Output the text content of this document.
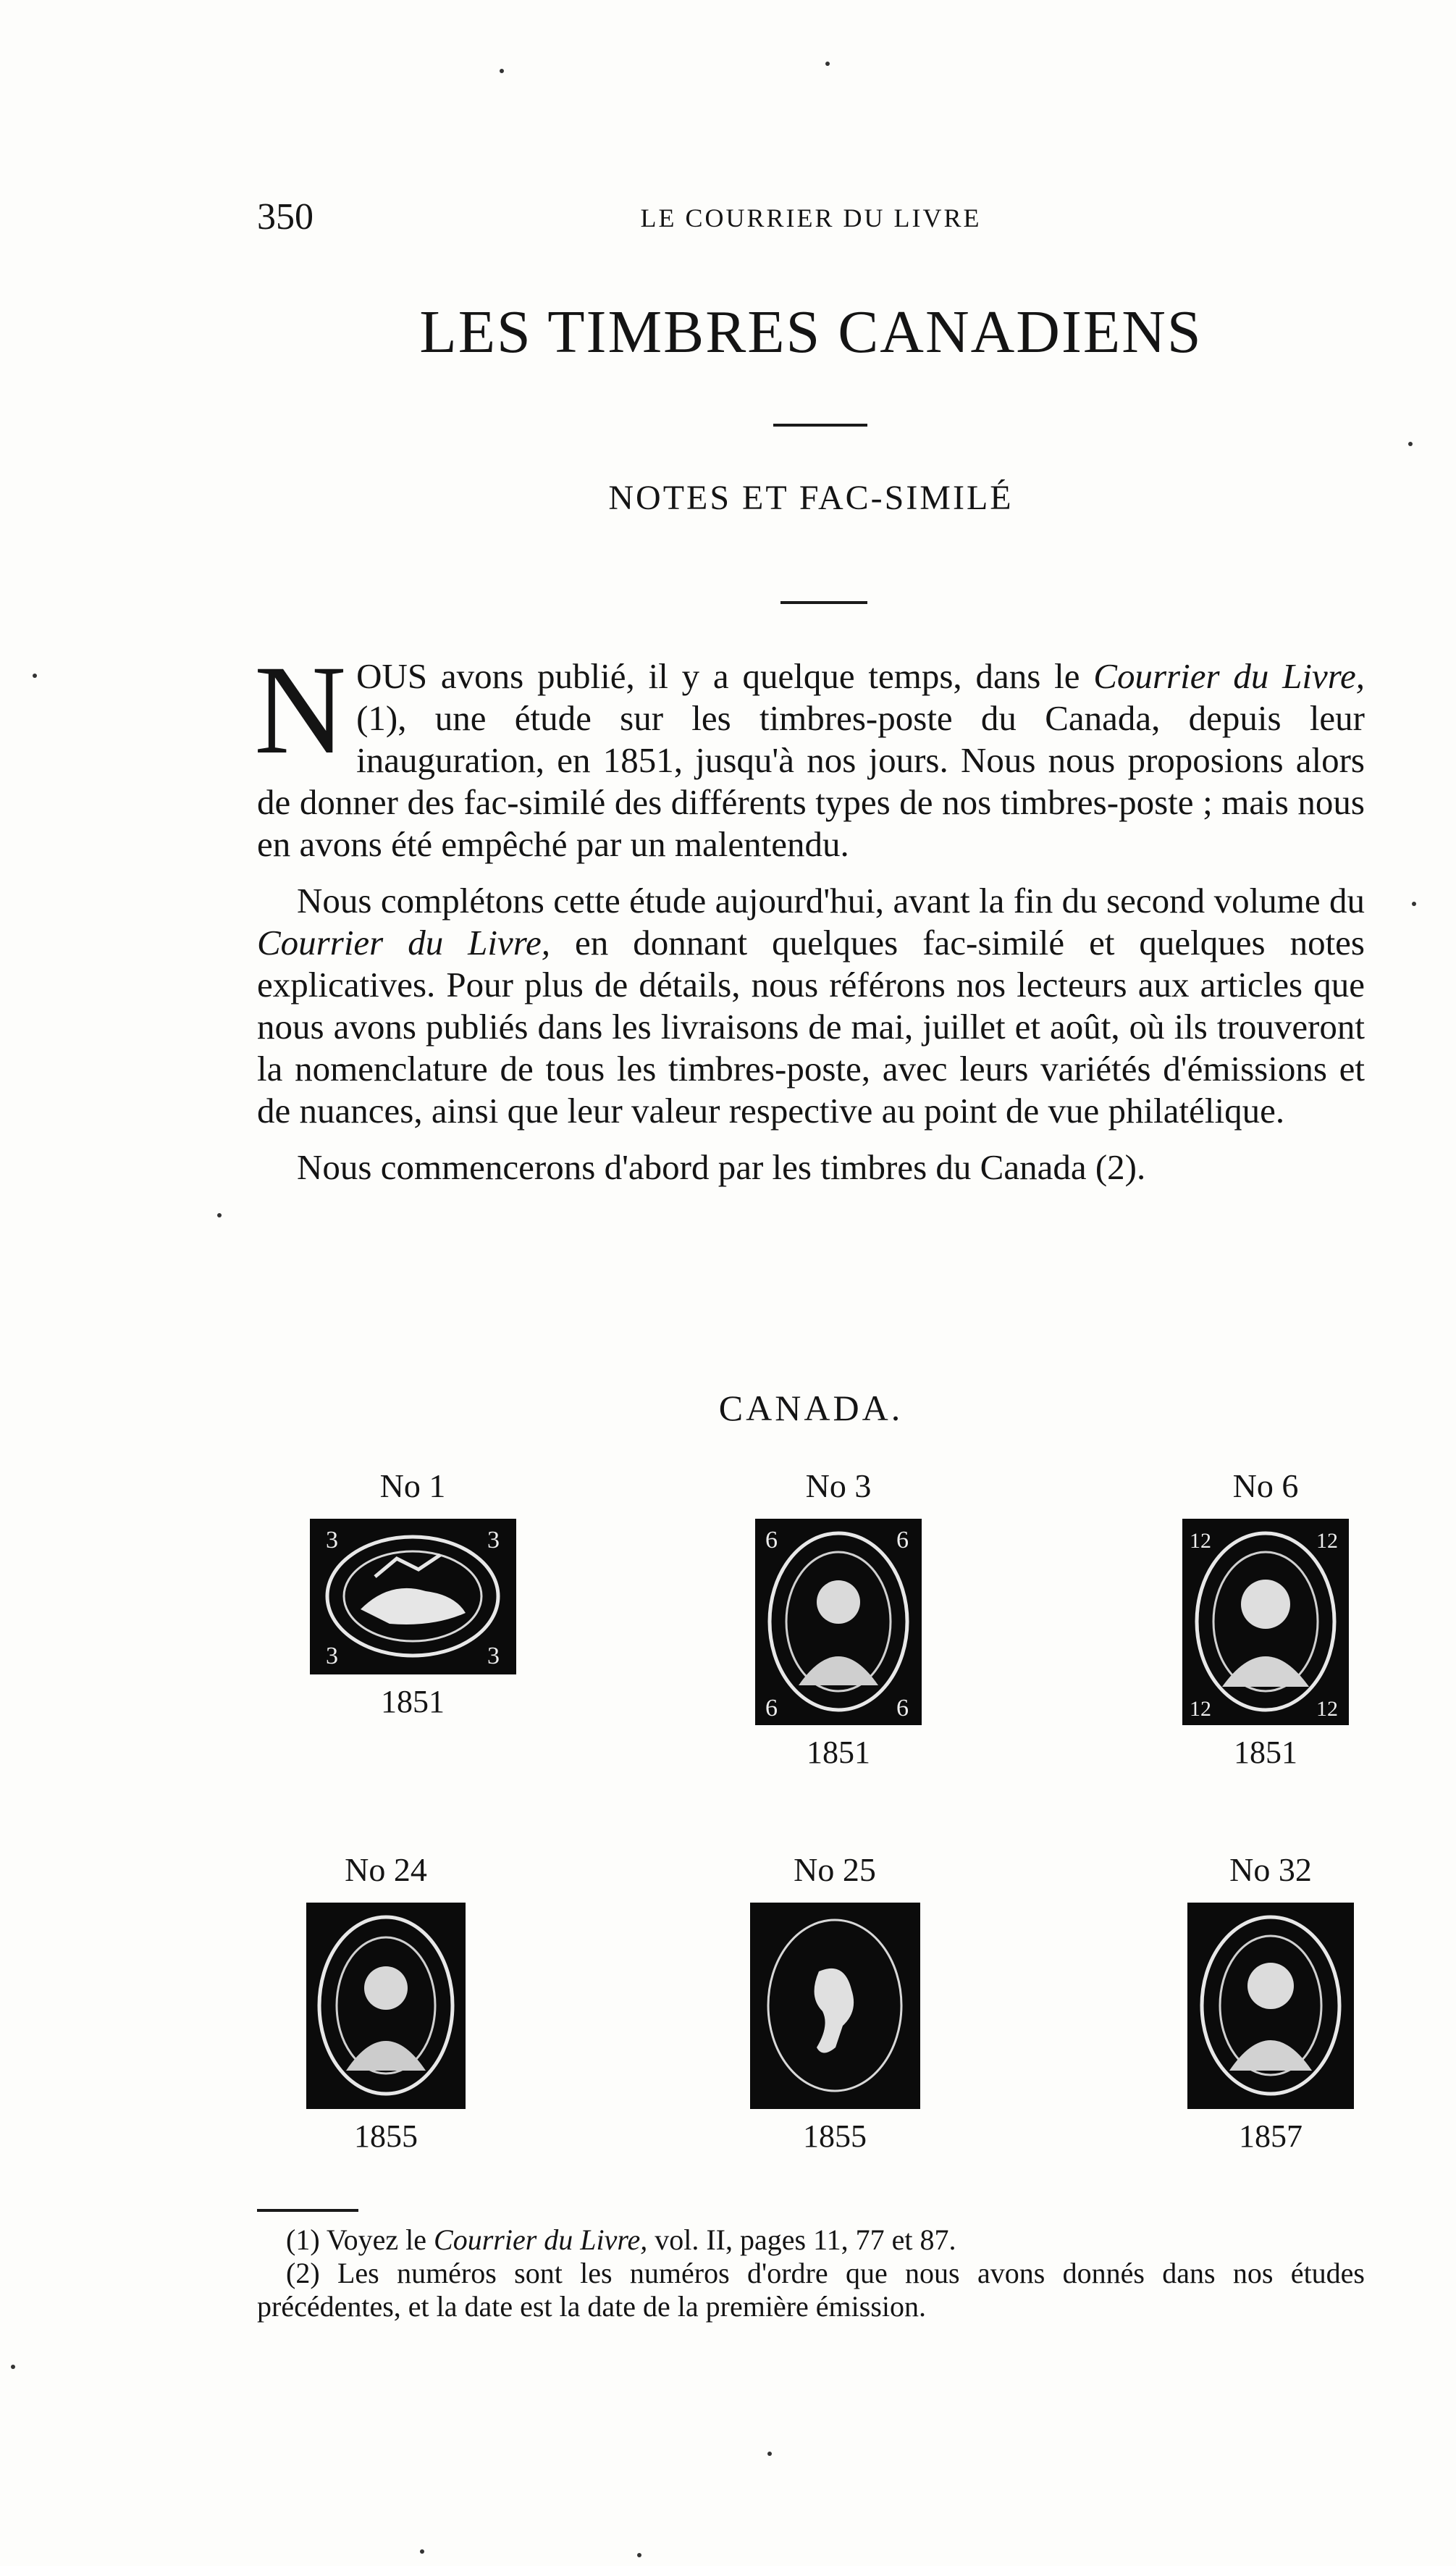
350	LE COURRIER DU LIVRE
LES TIMBRES CANADIENS
NOTES ET FAC-SIMILÉ

NOUS avons publié, il y a quelque temps, dans le Courrier du Livre, (1), une étude sur les timbres-poste du Canada, depuis leur inauguration, en 1851, jusqu'à nos jours. Nous nous proposions alors de donner des fac-similé des différents types de nos timbres-poste ; mais nous en avons été empêché par un malentendu.

Nous complétons cette étude aujourd'hui, avant la fin du second volume du Courrier du Livre, en donnant quelques fac-similé et quelques notes explicatives. Pour plus de détails, nous référons nos lecteurs aux articles que nous avons publiés dans les livraisons de mai, juillet et août, où ils trouveront la nomenclature de tous les timbres-poste, avec leurs variétés d'émissions et de nuances, ainsi que leur valeur respective au point de vue philatélique.

Nous commencerons d'abord par les timbres du Canada (2).

CANADA.
No 1
3	3
3	3
1851
No 3
6	6
6	6
1851
No 6
12	12
12	12
1851
No 24
1855
No 25
1855
No 32
1857

(1) Voyez le Courrier du Livre, vol. II, pages 11, 77 et 87.

(2) Les numéros sont les numéros d'ordre que nous avons donnés dans nos études précédentes, et la date est la date de la première émission.
